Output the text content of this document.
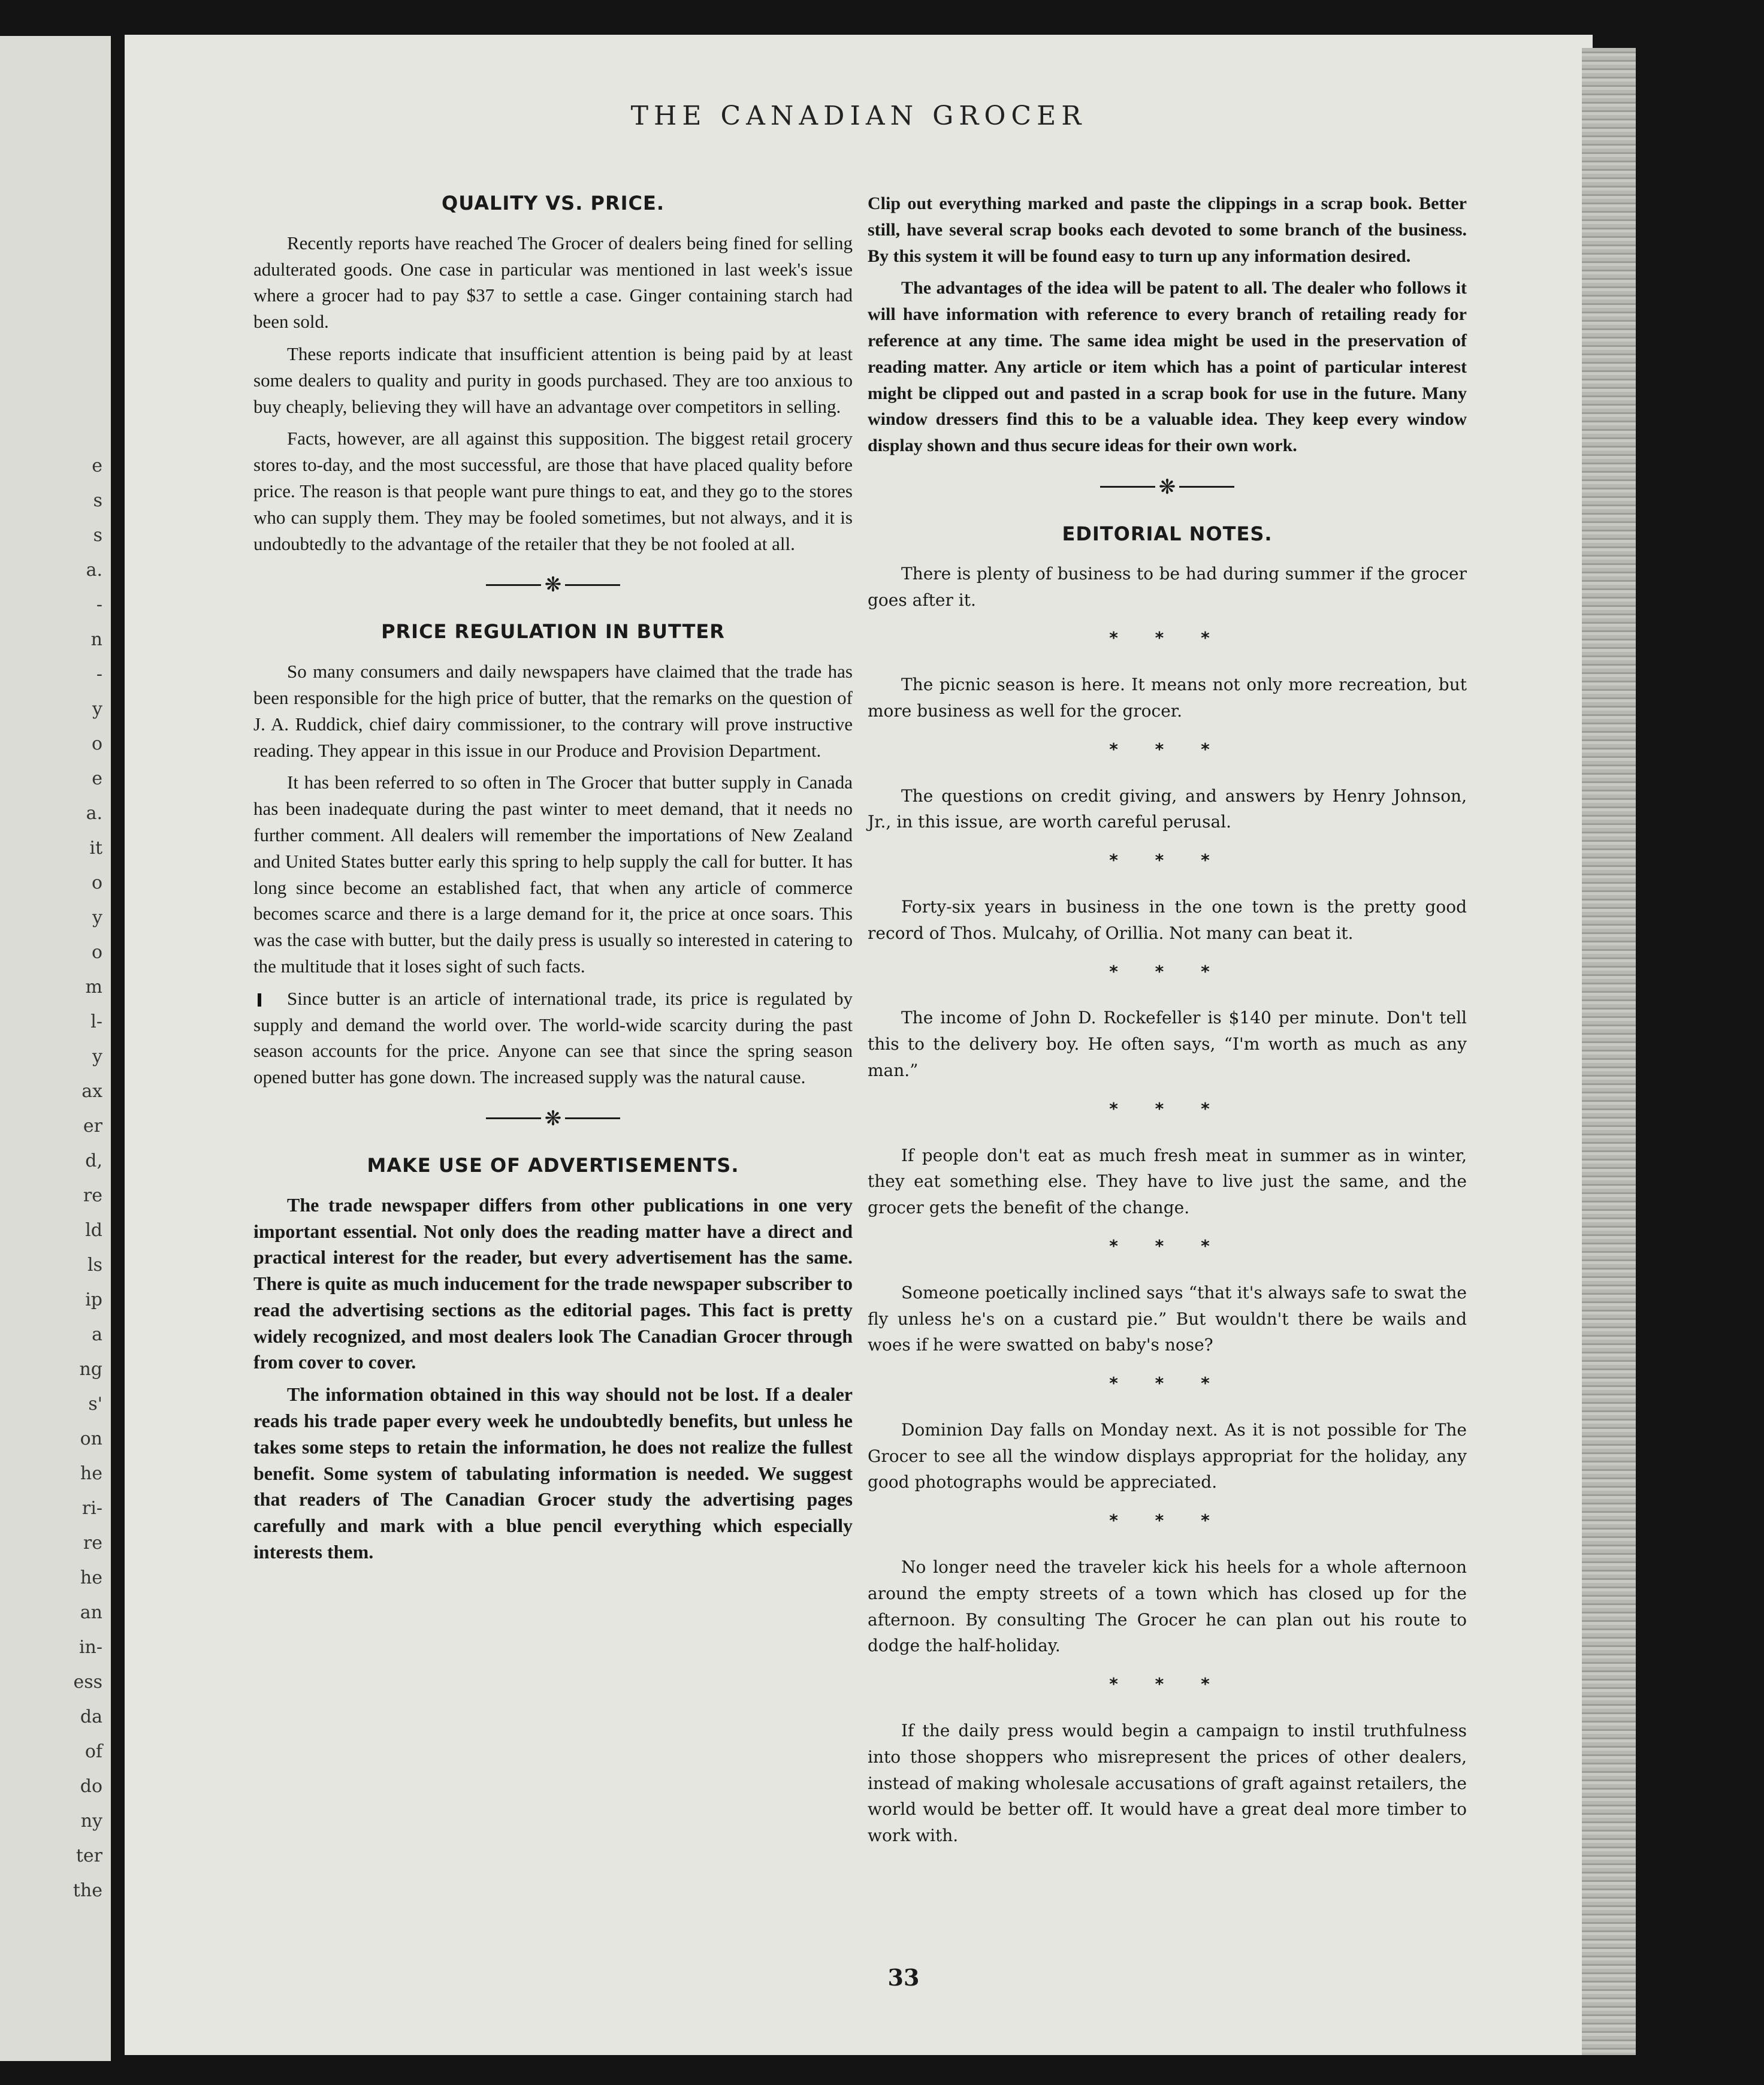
e
s
s
a.
-
n
-
y
o
e
a.
it
o
y
o
m
l-
y
ax
er
d,
re
ld
ls
ip
a
ng
s'
on
he
ri-
re
he
an
in-
ess
da
of
do
ny
ter
the
THE CANADIAN GROCER
QUALITY VS. PRICE.

Recently reports have reached The Grocer of dealers being fined for selling adulterated goods. One case in particular was mentioned in last week's issue where a grocer had to pay $37 to settle a case. Ginger containing starch had been sold.

These reports indicate that insufficient attention is being paid by at least some dealers to quality and purity in goods purchased. They are too anxious to buy cheaply, believing they will have an advantage over competitors in selling.

Facts, however, are all against this supposition. The biggest retail grocery stores to-day, and the most successful, are those that have placed quality before price. The reason is that people want pure things to eat, and they go to the stores who can supply them. They may be fooled sometimes, but not always, and it is undoubtedly to the advantage of the retailer that they be not fooled at all.

❋
PRICE REGULATION IN BUTTER

So many consumers and daily newspapers have claimed that the trade has been responsible for the high price of butter, that the remarks on the question of J. A. Ruddick, chief dairy commissioner, to the contrary will prove instructive reading. They appear in this issue in our Produce and Provision Department.

It has been referred to so often in The Grocer that butter supply in Canada has been inadequate during the past winter to meet demand, that it needs no further comment. All dealers will remember the importations of New Zealand and United States butter early this spring to help supply the call for butter. It has long since become an established fact, that when any article of commerce becomes scarce and there is a large demand for it, the price at once soars. This was the case with butter, but the daily press is usually so interested in catering to the multitude that it loses sight of such facts.

Since butter is an article of international trade, its price is regulated by supply and demand the world over. The world-wide scarcity during the past season accounts for the price. Anyone can see that since the spring season opened butter has gone down. The increased supply was the natural cause.

❋
MAKE USE OF ADVERTISEMENTS.

The trade newspaper differs from other publications in one very important essential. Not only does the reading matter have a direct and practical interest for the reader, but every advertisement has the same. There is quite as much inducement for the trade newspaper subscriber to read the advertising sections as the editorial pages. This fact is pretty widely recognized, and most dealers look The Canadian Grocer through from cover to cover.

The information obtained in this way should not be lost. If a dealer reads his trade paper every week he undoubtedly benefits, but unless he takes some steps to retain the information, he does not realize the fullest benefit. Some system of tabulating information is needed. We suggest that readers of The Canadian Grocer study the advertising pages carefully and mark with a blue pencil everything which especially interests them.

Clip out everything marked and paste the clippings in a scrap book. Better still, have several scrap books each devoted to some branch of the business. By this system it will be found easy to turn up any information desired.

The advantages of the idea will be patent to all. The dealer who follows it will have information with reference to every branch of retailing ready for reference at any time. The same idea might be used in the preservation of reading matter. Any article or item which has a point of particular interest might be clipped out and pasted in a scrap book for use in the future. Many window dressers find this to be a valuable idea. They keep every window display shown and thus secure ideas for their own work.

❋
EDITORIAL NOTES.

There is plenty of business to be had during summer if the grocer goes after it.

* * *

The picnic season is here. It means not only more recreation, but more business as well for the grocer.

* * *

The questions on credit giving, and answers by Henry Johnson, Jr., in this issue, are worth careful perusal.

* * *

Forty-six years in business in the one town is the pretty good record of Thos. Mulcahy, of Orillia. Not many can beat it.

* * *

The income of John D. Rockefeller is $140 per minute. Don't tell this to the delivery boy. He often says, “I'm worth as much as any man.”

* * *

If people don't eat as much fresh meat in summer as in winter, they eat something else. They have to live just the same, and the grocer gets the benefit of the change.

* * *

Someone poetically inclined says “that it's always safe to swat the fly unless he's on a custard pie.” But wouldn't there be wails and woes if he were swatted on baby's nose?

* * *

Dominion Day falls on Monday next. As it is not possible for The Grocer to see all the window displays appropriat for the holiday, any good photographs would be appreciated.

* * *

No longer need the traveler kick his heels for a whole afternoon around the empty streets of a town which has closed up for the afternoon. By consulting The Grocer he can plan out his route to dodge the half-holiday.

* * *

If the daily press would begin a campaign to instil truthfulness into those shoppers who misrepresent the prices of other dealers, instead of making wholesale accusations of graft against retailers, the world would be better off. It would have a great deal more timber to work with.

33
